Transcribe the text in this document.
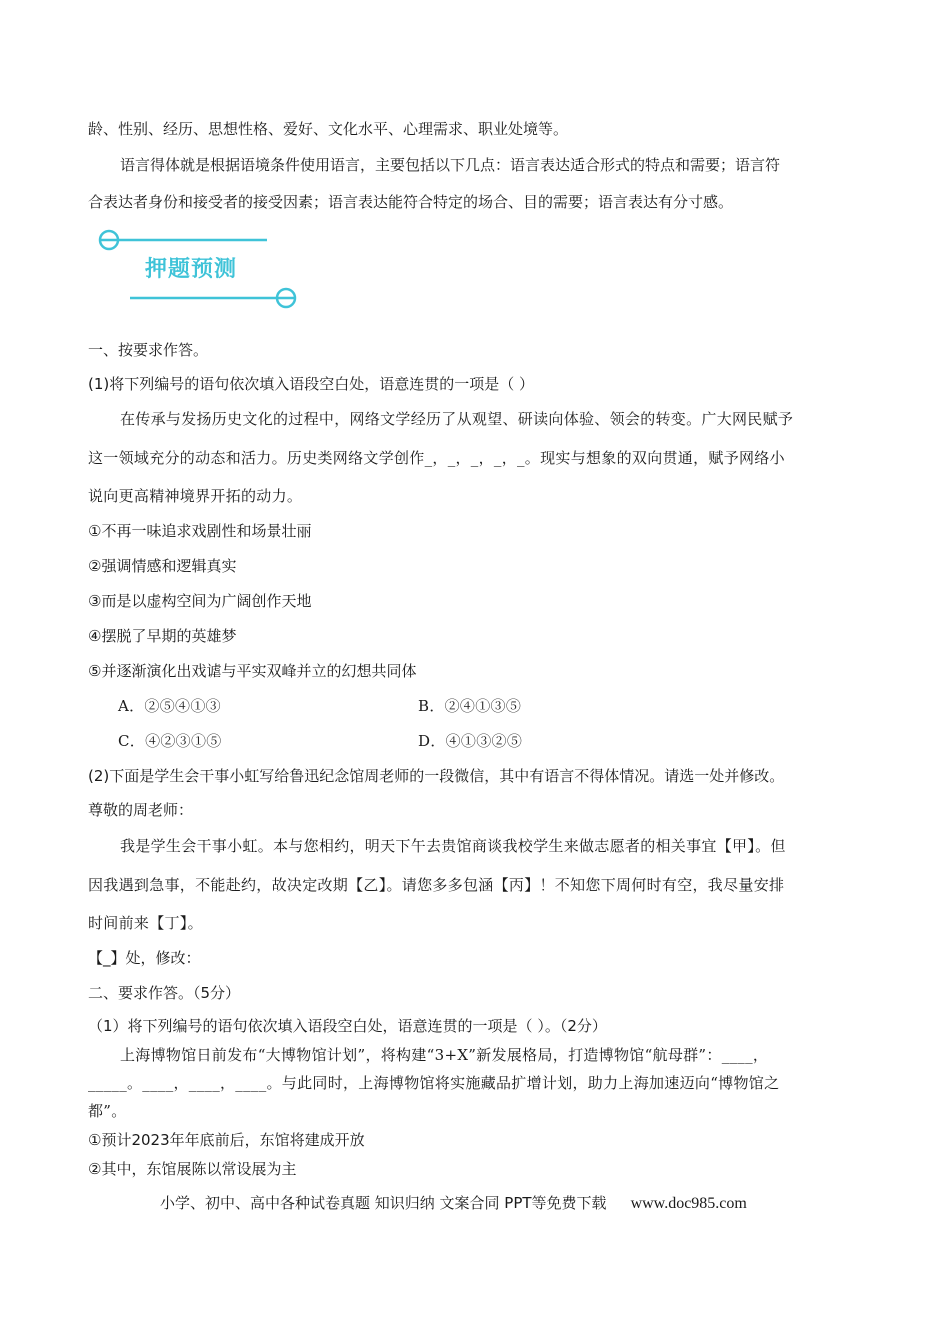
龄、性别、经历、思想性格、爱好、文化水平、心理需求、职业处境等。
语言得体就是根据语境条件使用语言，主要包括以下几点：语言表达适合形式的特点和需要；语言符
合表达者身份和接受者的接受因素；语言表达能符合特定的场合、目的需要；语言表达有分寸感。
押题预测
一、按要求作答。
(1)将下列编号的语句依次填入语段空白处，语意连贯的一项是（ ）
在传承与发扬历史文化的过程中，网络文学经历了从观望、研读向体验、领会的转变。广大网民赋予
这一领域充分的动态和活力。历史类网络文学创作_，_，_，_，_。现实与想象的双向贯通，赋予网络小
说向更高精神境界开拓的动力。
①不再一味追求戏剧性和场景壮丽
②强调情感和逻辑真实
③而是以虚构空间为广阔创作天地
④摆脱了早期的英雄梦
⑤并逐渐演化出戏谑与平实双峰并立的幻想共同体
A．②⑤④①③	B．②④①③⑤
C．④②③①⑤	D．④①③②⑤
(2)下面是学生会干事小虹写给鲁迅纪念馆周老师的一段微信，其中有语言不得体情况。请选一处并修改。
尊敬的周老师：
我是学生会干事小虹。本与您相约，明天下午去贵馆商谈我校学生来做志愿者的相关事宜【甲】。但
因我遇到急事，不能赴约，故决定改期【乙】。请您多多包涵【丙】！不知您下周何时有空，我尽量安排
时间前来【丁】。
【_】处，修改：
二、要求作答。（5分）
（1）将下列编号的语句依次填入语段空白处，语意连贯的一项是（ ）。（2分）
上海博物馆日前发布“大博物馆计划”，将构建“3+X”新发展格局，打造博物馆“航母群”：____，
_____。____，____，____。与此同时，上海博物馆将实施藏品扩增计划，助力上海加速迈向“博物馆之
都”。
①预计2023年年底前后，东馆将建成开放
②其中，东馆展陈以常设展为主
小学、初中、高中各种试卷真题 知识归纳 文案合同 PPT等免费下载 www.doc985.com
